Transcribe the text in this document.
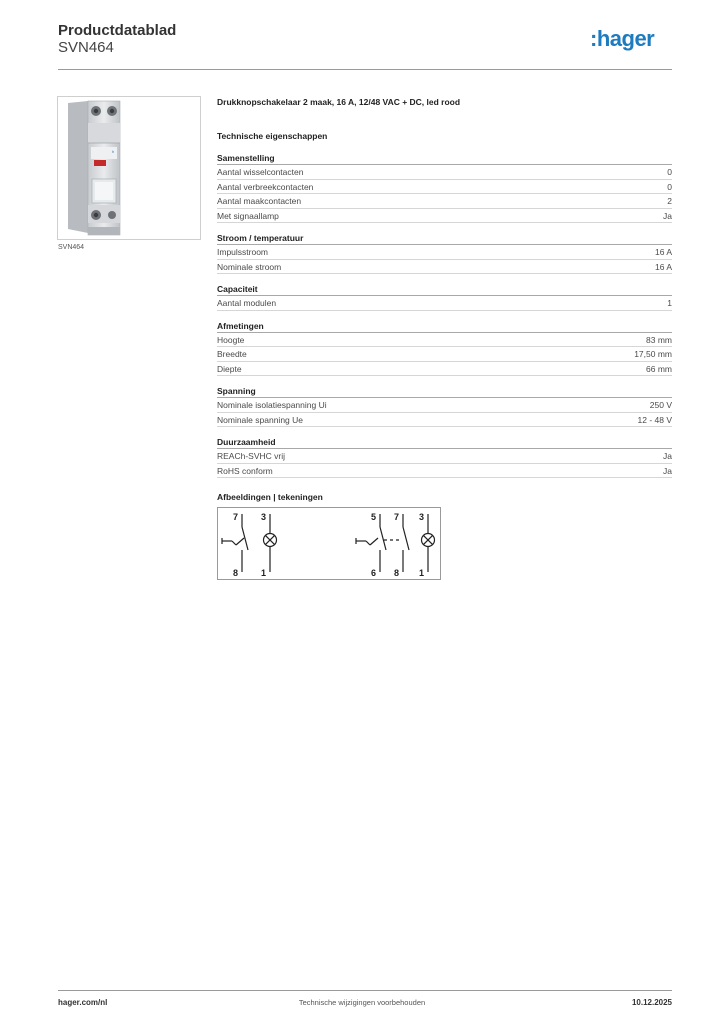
Productdatablad
SVN464	:hager
h
SVN464
Drukknopschakelaar 2 maak, 16 A, 12/48 VAC + DC, led rood
Technische eigenschappen
Samenstelling
Aantal wisselcontacten	0
Aantal verbreekcontacten	0
Aantal maakcontacten	2
Met signaallamp	Ja
Stroom / temperatuur
Impulsstroom	16 A
Nominale stroom	16 A
Capaciteit
Aantal modulen	1
Afmetingen
Hoogte	83 mm
Breedte	17,50 mm
Diepte	66 mm
Spanning
Nominale isolatiespanning Ui	250 V
Nominale spanning Ue	12 - 48 V
Duurzaamheid
REACh-SVHC vrij	Ja
RoHS conform	Ja
Afbeeldingen | tekeningen
7	3
8	1
5 7 3
6 8 1
hager.com/nl	Technische wijzigingen voorbehouden	10.12.2025
